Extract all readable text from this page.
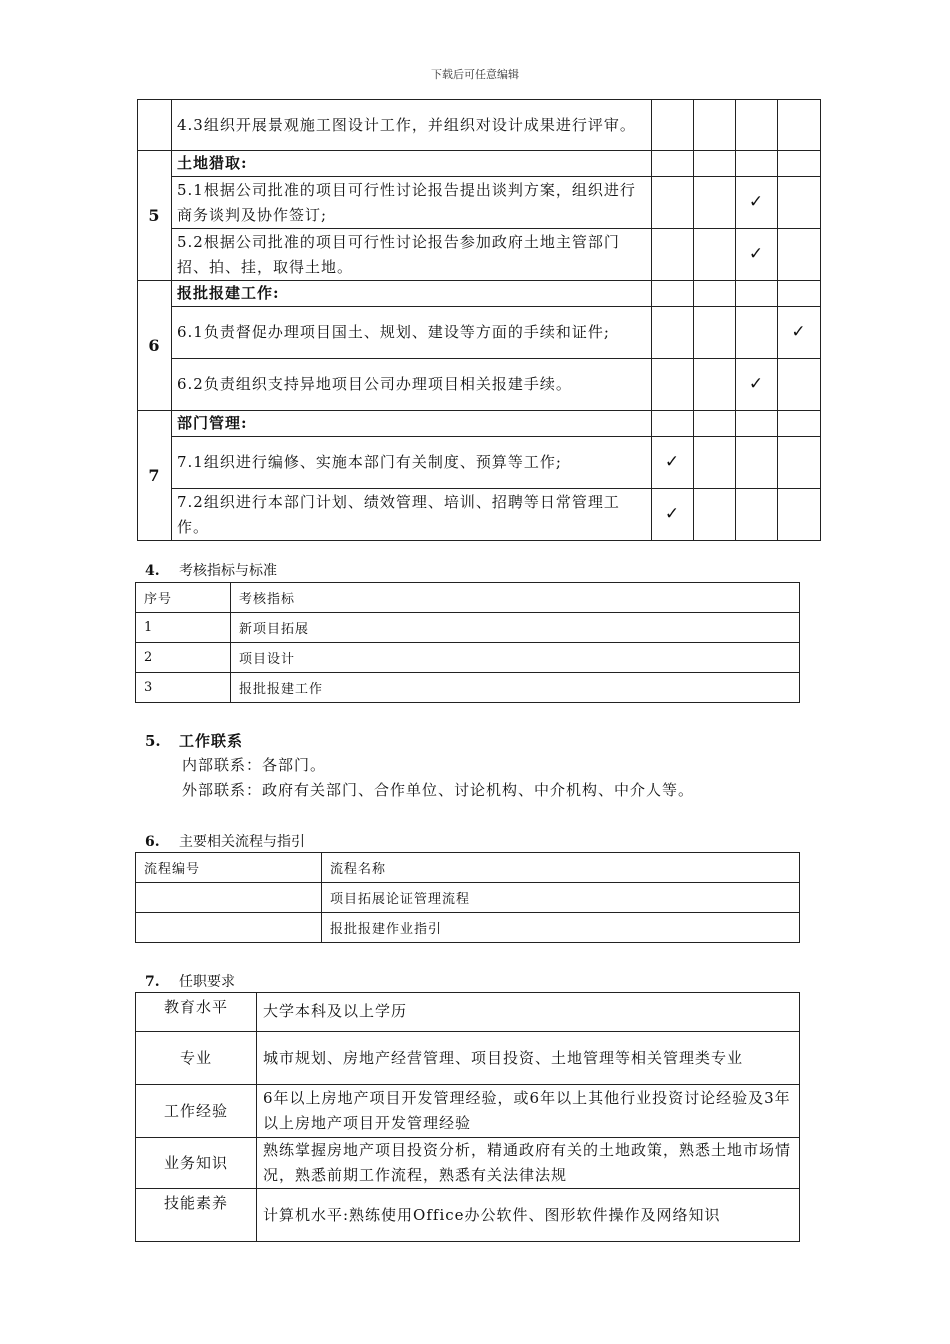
下载后可任意编辑
	4.3组织开展景观施工图设计工作，并组织对设计成果进行评审。				
5	土地猎取:				
	5.1根据公司批准的项目可行性讨论报告提出谈判方案，组织进行商务谈判及协作签订;			✓	
	5.2根据公司批准的项目可行性讨论报告参加政府土地主管部门招、拍、挂，取得土地。			✓	
6	报批报建工作:				
	6.1负责督促办理项目国土、规划、建设等方面的手续和证件;				✓
	6.2负责组织支持异地项目公司办理项目相关报建手续。			✓	
7	部门管理:				
	7.1组织进行编修、实施本部门有关制度、预算等工作;	✓			
	7.2组织进行本部门计划、绩效管理、培训、招聘等日常管理工作。	✓			
4. 考核指标与标准
序号	考核指标
1	新项目拓展
2	项目设计
3	报批报建工作
5. 工作联系
内部联系：各部门。
外部联系：政府有关部门、合作单位、讨论机构、中介机构、中介人等。
6. 主要相关流程与指引
流程编号	流程名称
	项目拓展论证管理流程
	报批报建作业指引
7. 任职要求
教育水平	大学本科及以上学历
专业	城市规划、房地产经营管理、项目投资、土地管理等相关管理类专业
工作经验	6年以上房地产项目开发管理经验，或6年以上其他行业投资讨论经验及3年以上房地产项目开发管理经验
业务知识	熟练掌握房地产项目投资分析，精通政府有关的土地政策，熟悉土地市场情况，熟悉前期工作流程，熟悉有关法律法规
技能素养	计算机水平:熟练使用Office办公软件、图形软件操作及网络知识
